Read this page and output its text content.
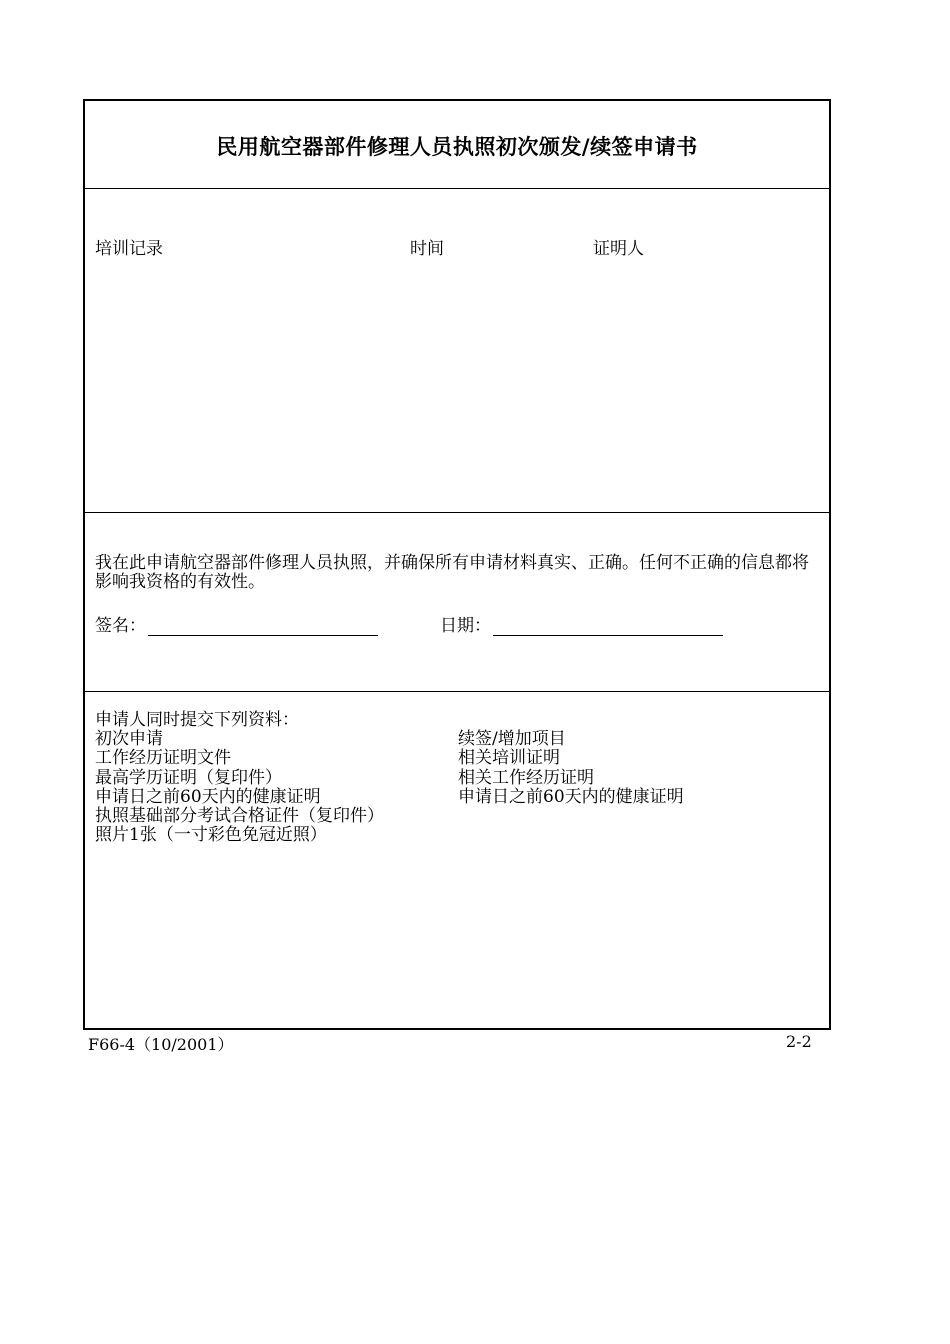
民用航空器部件修理人员执照初次颁发/续签申请书
培训记录	时间	证明人
我在此申请航空器部件修理人员执照，并确保所有申请材料真实、正确。任何不正确的信息都将影响我资格的有效性。
签名：	日期：
申请人同时提交下列资料：
初次申请
工作经历证明文件
最高学历证明（复印件）
申请日之前60天内的健康证明
执照基础部分考试合格证件（复印件）
照片1张（一寸彩色免冠近照）
续签/增加项目
相关培训证明
相关工作经历证明
申请日之前60天内的健康证明
F66-4（10/2001）	2-2
